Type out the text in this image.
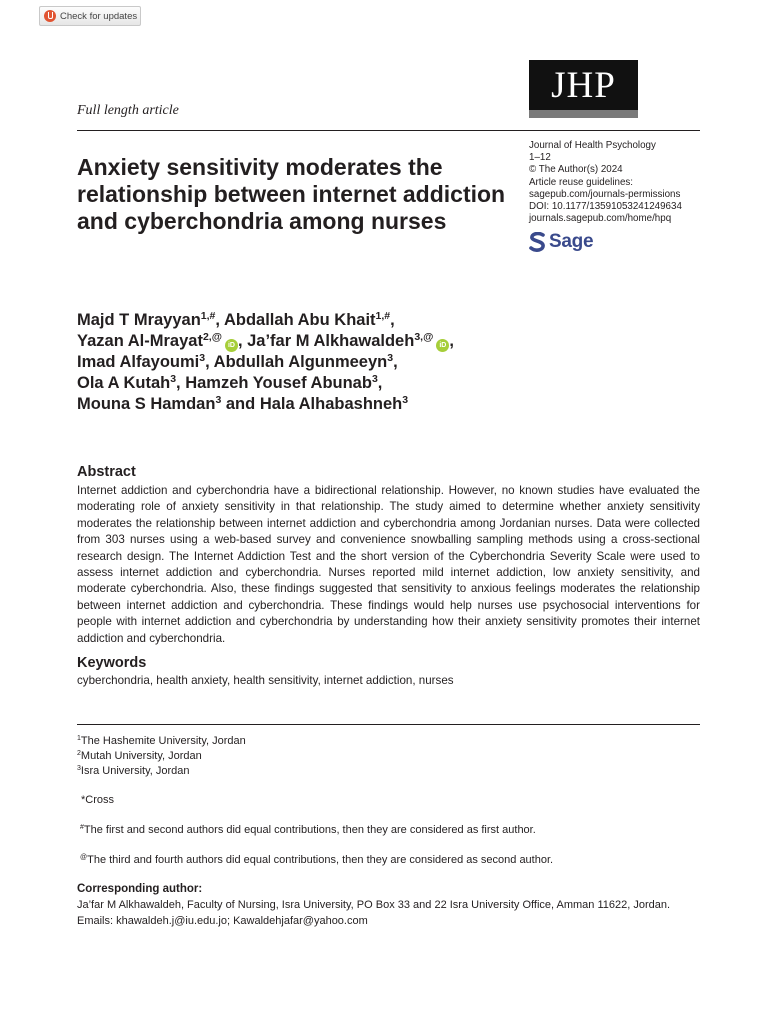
Check for updates
Full length article
JHP
Anxiety sensitivity moderates the relationship between internet addiction and cyberchondria among nurses
Journal of Health Psychology
1–12
© The Author(s) 2024
Article reuse guidelines:
sagepub.com/journals-permissions
DOI: 10.1177/13591053241249634
journals.sagepub.com/home/hpq
Sage
Majd T Mrayyan$^{1,\#}$, Abdallah Abu Khait$^{1,\#}$,
Yazan Al-Mrayat$^{2,@}$iD , Ja’far M Alkhawaldeh$^{3,@}$iD ,
Imad Alfayoumi$^3$, Abdullah Algunmeeyn$^3$,
Ola A Kutah$^3$, Hamzeh Yousef Abunab$^3$,
Mouna S Hamdan$^3$ and Hala Alhabashneh$^3$
Abstract
Internet addiction and cyberchondria have a bidirectional relationship. However, no known studies have evaluated the moderating role of anxiety sensitivity in that relationship. The study aimed to determine whether anxiety sensitivity moderates the relationship between internet addiction and cyberchondria among Jordanian nurses. Data were collected from 303 nurses using a web-based survey and convenience snowballing sampling methods using a cross-sectional research design. The Internet Addiction Test and the short version of the Cyberchondria Severity Scale were used to assess internet addiction and cyberchondria. Nurses reported mild internet addiction, low anxiety sensitivity, and moderate cyberchondria. Also, these findings suggested that sensitivity to anxious feelings moderates the relationship between internet addiction and cyberchondria. These findings would help nurses use psychosocial interventions for people with internet addiction and cyberchondria by understanding how their anxiety sensitivity promotes their internet addiction and cyberchondria.
Keywords
cyberchondria, health anxiety, health sensitivity, internet addiction, nurses
$^1$The Hashemite University, Jordan
$^2$Mutah University, Jordan
$^3$Isra University, Jordan
*Cross
#The first and second authors did equal contributions, then they are considered as first author.
@The third and fourth authors did equal contributions, then they are considered as second author.
Corresponding author:
Ja’far M Alkhawaldeh, Faculty of Nursing, Isra University, PO Box 33 and 22 Isra University Office, Amman 11622, Jordan.
Emails: khawaldeh.j@iu.edu.jo; Kawaldehjafar@yahoo.com
